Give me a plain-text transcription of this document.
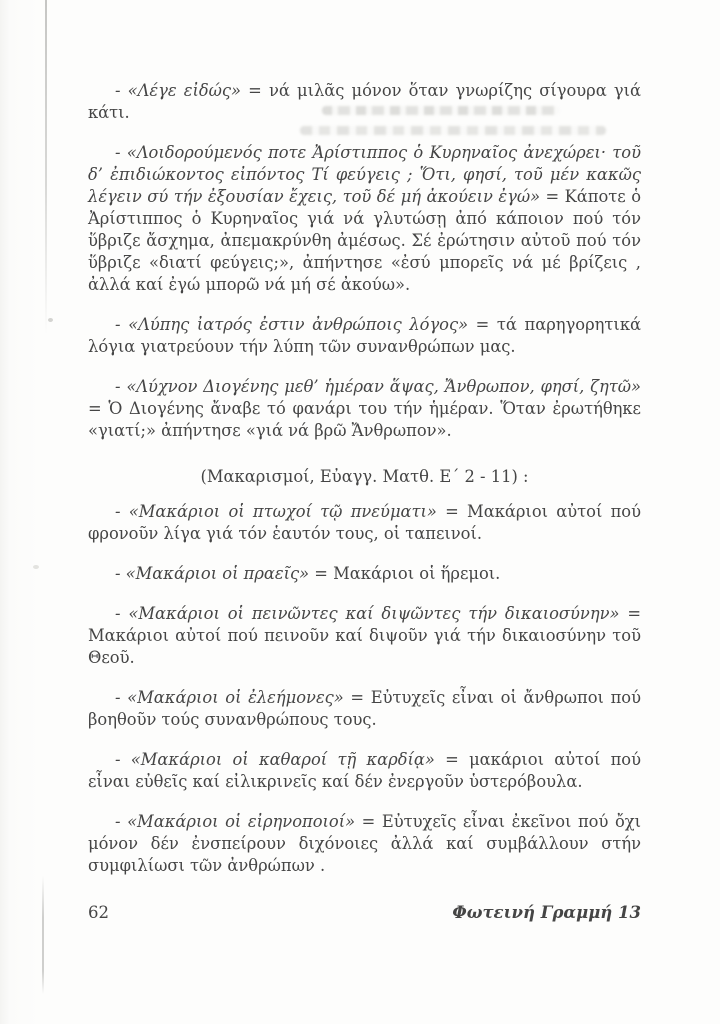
- «Λέγε εἰδώς» = νά μιλᾶς μόνον ὅταν γνωρίζης σίγουρα γιά κάτι.

- «Λοιδορούμενός ποτε Ἀρίστιππος ὁ Κυρηναῖος ἀνεχώρει· τοῦ δ’ ἐπιδιώκοντος εἰπόντος Τί φεύγεις ; Ὅτι, φησί, τοῦ μέν κακῶς λέγειν σύ τήν ἐξουσίαν ἔχεις, τοῦ δέ μή ἀκούειν ἐγώ» = Κάποτε ὁ Ἀρίστιππος ὁ Κυρηναῖος γιά νά γλυτώσῃ ἀπό κάποιον πού τόν ὕβριζε ἄσχημα, ἀπεμακρύνθη ἀμέσως. Σέ ἐρώτησιν αὐτοῦ πού τόν ὕβριζε «διατί φεύγεις;», ἀπήντησε «ἐσύ μπορεῖς νά μέ βρίζεις , ἀλλά καί ἐγώ μπορῶ νά μή σέ ἀκούω».

- «Λύπης ἰατρός ἐστιν ἀνθρώποις λόγος» = τά παρηγορητικά λόγια γιατρεύουν τήν λύπη τῶν συνανθρώπων μας.

- «Λύχνον Διογένης μεθ’ ἡμέραν ἅψας, Ἄνθρωπον, φησί, ζητῶ» = Ὁ Διογένης ἄναβε τό φανάρι του τήν ἡμέραν. Ὅταν ἐρωτήθηκε «γιατί;» ἀπήντησε «γιά νά βρῶ Ἄνθρωπον».

(Μακαρισμοί, Εὐαγγ. Ματθ. Ε΄ 2 - 11) :

- «Μακάριοι οἱ πτωχοί τῷ πνεύματι» = Μακάριοι αὐτοί πού φρονοῦν λίγα γιά τόν ἑαυτόν τους, οἱ ταπεινοί.

- «Μακάριοι οἱ πραεῖς» = Μακάριοι οἱ ἥρεμοι.

- «Μακάριοι οἱ πεινῶντες καί διψῶντες τήν δικαιοσύνην» = Μακάριοι αὐτοί πού πεινοῦν καί διψοῦν γιά τήν δικαιοσύνην τοῦ Θεοῦ.

- «Μακάριοι οἱ ἐλεήμονες» = Εὐτυχεῖς εἶναι οἱ ἄνθρωποι πού βοηθοῦν τούς συνανθρώπους τους.

- «Μακάριοι οἱ καθαροί τῇ καρδίᾳ» = μακάριοι αὐτοί πού εἶναι εὐθεῖς καί εἰλικρινεῖς καί δέν ἐνεργοῦν ὑστερόβουλα.

- «Μακάριοι οἱ εἰρηνοποιοί» = Εὐτυχεῖς εἶναι ἐκεῖνοι πού ὄχι μόνον δέν ἐνσπείρουν διχόνοιες ἀλλά καί συμβάλλουν στήν συμφιλίωσι τῶν ἀνθρώπων .

62	Φωτεινή Γραμμή 13
